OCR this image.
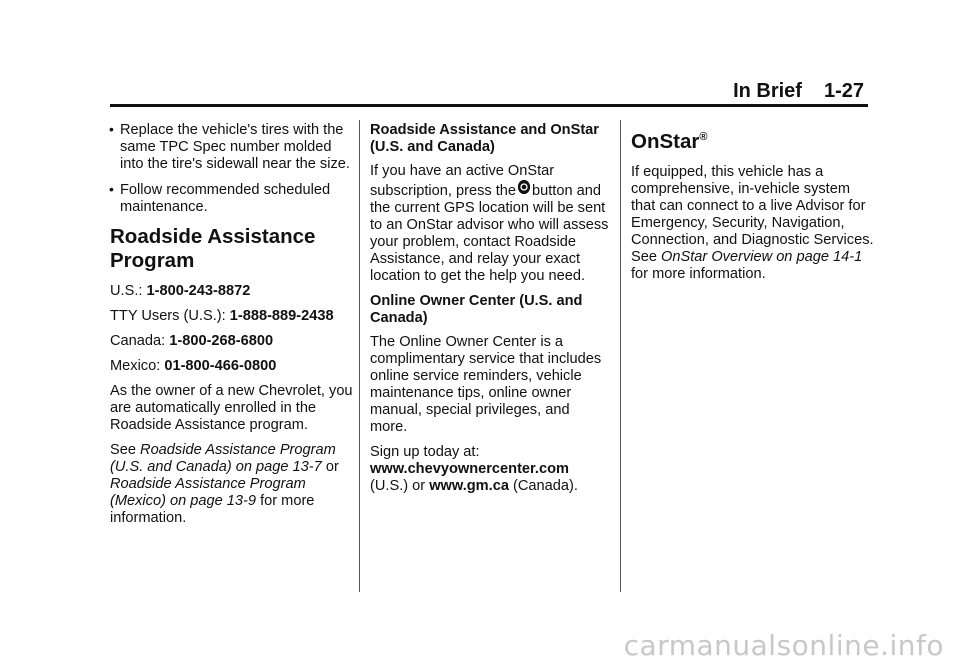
In Brief 1-27
• Replace the vehicle's tires with the same TPC Spec number molded into the tire's sidewall near the size.
• Follow recommended scheduled maintenance.
Roadside Assistance Program

U.S.: 1-800-243-8872

TTY Users (U.S.): 1-888-889-2438

Canada: 1-800-268-6800

Mexico: 01-800-466-0800

As the owner of a new Chevrolet, you are automatically enrolled in the Roadside Assistance program.

See Roadside Assistance Program (U.S. and Canada) on page 13-7 or Roadside Assistance Program (Mexico) on page 13-9 for more information.

Roadside Assistance and OnStar (U.S. and Canada)

If you have an active OnStar subscription, press the button and the current GPS location will be sent to an OnStar advisor who will assess your problem, contact Roadside Assistance, and relay your exact location to get the help you need.

Online Owner Center (U.S. and Canada)

The Online Owner Center is a complimentary service that includes online service reminders, vehicle maintenance tips, online owner manual, special privileges, and more.

Sign up today at:
www.chevyownercenter.com
(U.S.) or www.gm.ca (Canada).

OnStar®

If equipped, this vehicle has a comprehensive, in-vehicle system that can connect to a live Advisor for Emergency, Security, Navigation, Connection, and Diagnostic Services. See OnStar Overview on page 14-1 for more information.

carmanualsonline.info
